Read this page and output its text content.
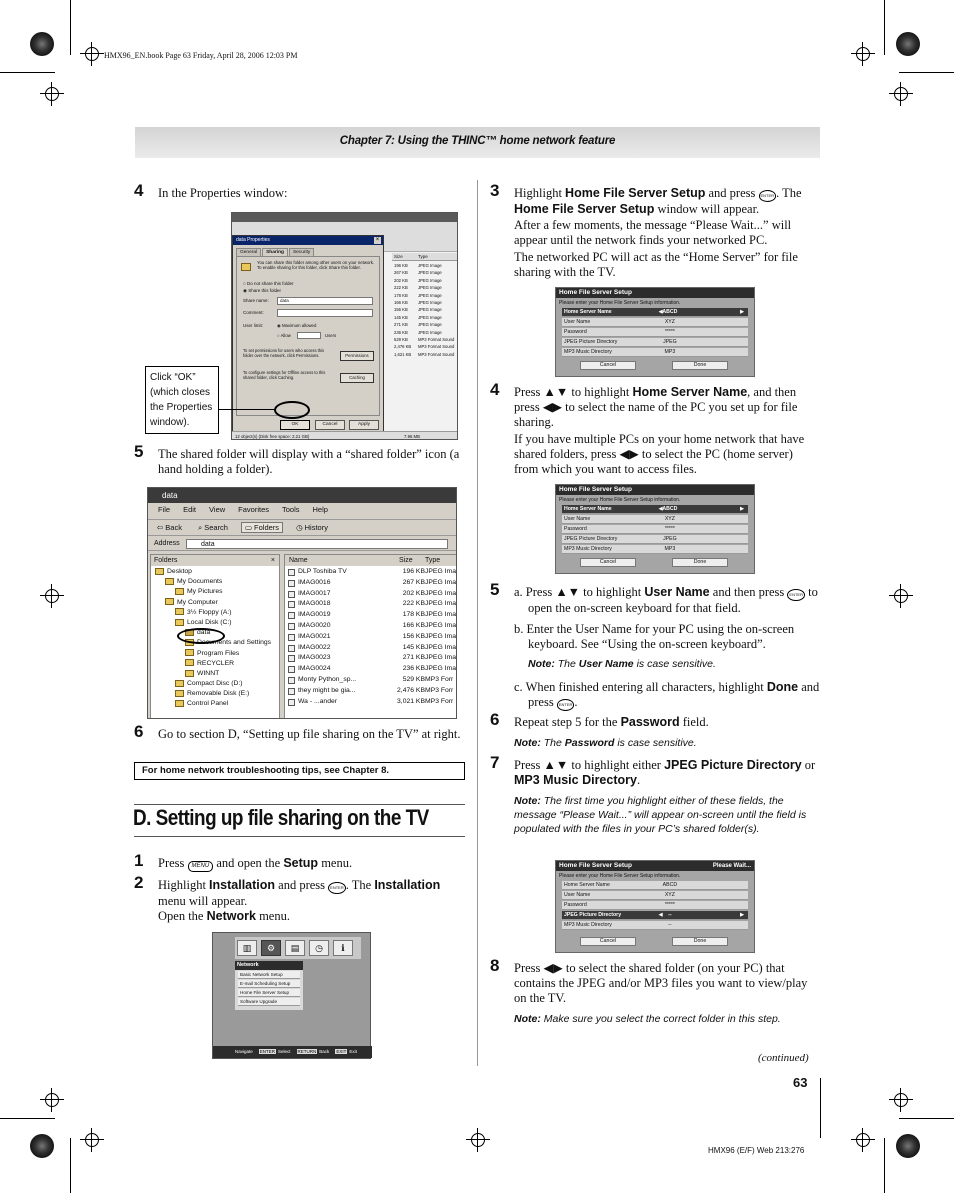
HMX96_EN.book Page 63 Friday, April 28, 2006 12:03 PM
Chapter 7: Using the THINC™ home network feature
4 In the Properties window:
Size	Type
196 KB JPEG Image
267 KB JPEG Image
202 KB JPEG Image
222 KB JPEG Image
178 KB JPEG Image
166 KB JPEG Image
156 KB JPEG Image
145 KB JPEG Image
271 KB JPEG Image
236 KB JPEG Image
529 KB MP3 Format Sound
2,476 KB MP3 Format Sound
1,621 KB MP3 Format Sound
data Properties	×
General Sharing Security
You can share this folder among other users on your network. To enable sharing for this folder, click Share this folder.
○ Do not share this folder
◉ Share this folder
Share name:	data
Comment:
User limit:	◉ Maximum allowed
○ Allow	Users
To set permissions for users who access this folder over the network, click Permissions.	Permissions
To configure settings for Offline access to this shared folder, click Caching.	Caching
OK	Cancel	Apply
12 object(s) (Disk free space: 2.21 GB)	7.96 MB
Click “OK” (which closes the Properties window).
5 The shared folder will display with a “shared folder” icon (a hand holding a folder).
data
File Edit View Favorites Tools Help
⇦ Back ⌕ Search ▭ Folders ◷ History
Address	data
Folders	×
Desktop
My Documents
My Pictures
My Computer
3½ Floppy (A:)
Local Disk (C:)
data
Documents and Settings
Program Files
RECYCLER
WINNT
Compact Disc (D:)
Removable Disk (E:)
Control Panel
Name	Size Type
DLP Toshiba TV	196 KB JPEG Ima
IMAG0016	267 KB JPEG Ima
IMAG0017	202 KB JPEG Ima
IMAG0018	222 KB JPEG Ima
IMAG0019	178 KB JPEG Ima
IMAG0020	166 KB JPEG Ima
IMAG0021	156 KB JPEG Ima
IMAG0022	145 KB JPEG Ima
IMAG0023	271 KB JPEG Ima
IMAG0024	236 KB JPEG Ima
Monty Python_sp...	529 KB MP3 Forr
they might be gia...	2,476 KB MP3 Forr
Wa - ...ander	3,021 KB MP3 Forr
6 Go to section D, “Setting up file sharing on the TV” at right.
For home network troubleshooting tips, see Chapter 8.
D. Setting up file sharing on the TV
1 Press MENU and open the Setup menu.
2 Highlight Installation and press ENTER . The Installation menu will appear.
Open the Network menu.
▥	⚙	▤	◷	ℹ
Network
Basic Network Setup
E-mail Scheduling Setup
Home File Server Setup
Software Upgrade
Navigate ENTER Select RETURN Back EXIT Exit
3 Highlight Home File Server Setup and press ENTER . The Home File Server Setup window will appear.
After a few moments, the message “Please Wait...” will appear until the network finds your networked PC.
The networked PC will act as the “Home Server” for file sharing with the TV.
Home File Server Setup
Please enter your Home File Server Setup information.
Home Server Name	ABCD
◀	▶
User Name	XYZ
Password	*****
JPEG Picture Directory	JPEG
MP3 Music Directory	MP3
Cancel	Done
4 Press ▲▼ to highlight Home Server Name, and then press ◀▶ to select the name of the PC you set up for file sharing.
If you have multiple PCs on your home network that have shared folders, press ◀▶ to select the PC (home server) from which you want to access files.
Home File Server Setup
Please enter your Home File Server Setup information.
Home Server Name	ABCD
◀	▶
User Name	XYZ
Password	*****
JPEG Picture Directory	JPEG
MP3 Music Directory	MP3
Cancel	Done
5 a. Press ▲▼ to highlight User Name and then press ENTER to open the on-screen keyboard for that field.
b. Enter the User Name for your PC using the on-screen keyboard. See “Using the on-screen keyboard”.
Note: The User Name is case sensitive.
c. When finished entering all characters, highlight Done and press ENTER .
6 Repeat step 5 for the Password field.
Note: The Password is case sensitive.
7 Press ▲▼ to highlight either JPEG Picture Directory or MP3 Music Directory.
Note: The first time you highlight either of these fields, the message “Please Wait...” will appear on-screen until the field is populated with the files in your PC’s shared folder(s).
Home File Server Setup	Please Wait...
Please enter your Home File Server Setup information.
Home Server Name	ABCD
User Name	XYZ
Password	*****
JPEG Picture Directory	--
◀	▶
MP3 Music Directory	--
Cancel	Done
8 Press ◀▶ to select the shared folder (on your PC) that contains the JPEG and/or MP3 files you want to view/play on the TV.
Note: Make sure you select the correct folder in this step.
(continued)
63
HMX96 (E/F) Web 213:276
